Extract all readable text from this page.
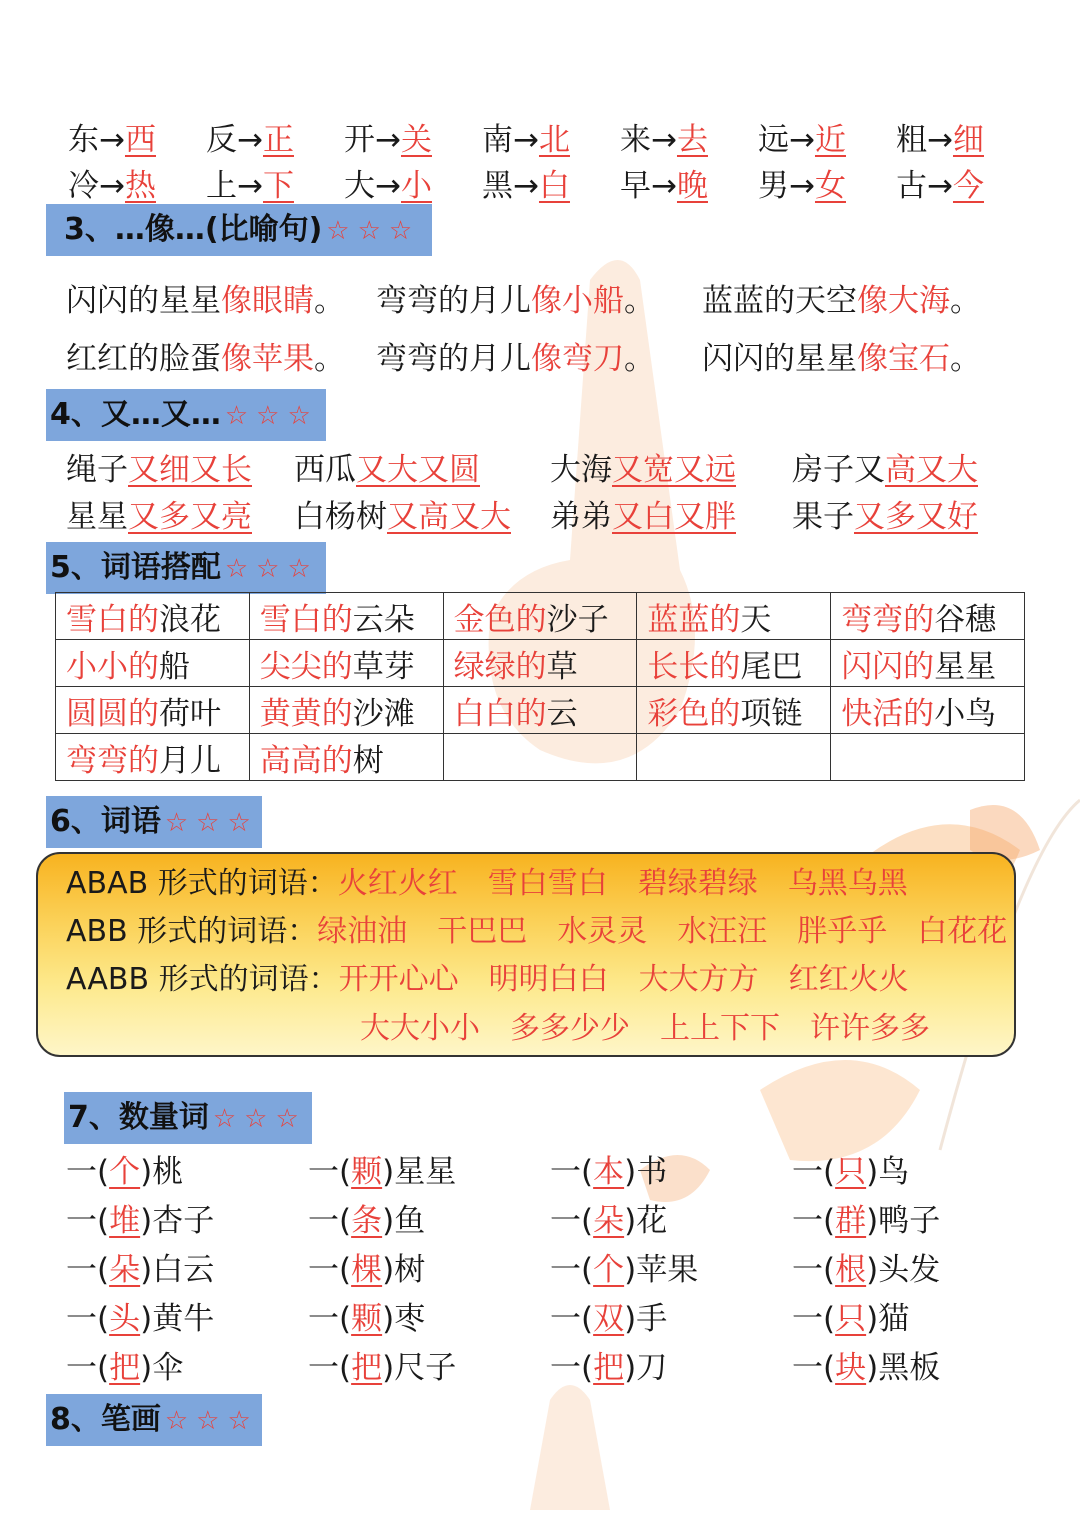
东→西 反→正 开→关 南→北 来→去 远→近 粗→细
冷→热 上→下 大→小 黑→白 早→晚 男→女 古→今
3、…像…(比喻句) ☆☆☆
闪闪的星星像眼睛。 弯弯的月儿像小船。 蓝蓝的天空像大海。
红红的脸蛋像苹果。 弯弯的月儿像弯刀。 闪闪的星星像宝石。
4、又…又… ☆☆☆
绳子又细又长 西瓜又大又圆 大海又宽又远 房子又高又大
星星又多又亮 白杨树又高又大 弟弟又白又胖 果子又多又好
5、词语搭配 ☆☆☆
雪白的浪花	雪白的云朵	金色的沙子	蓝蓝的天	弯弯的谷穗
小小的船	尖尖的草芽	绿绿的草	长长的尾巴	闪闪的星星
圆圆的荷叶	黄黄的沙滩	白白的云	彩色的项链	快活的小鸟
弯弯的月儿	高高的树			
6、词语 ☆☆☆
ABAB 形式的词语：火红火红　雪白雪白　碧绿碧绿　乌黑乌黑
ABB 形式的词语：绿油油　干巴巴　水灵灵　水汪汪　胖乎乎　白花花
AABB 形式的词语：开开心心　明明白白　大大方方　红红火火
大大小小　多多少少　上上下下　许许多多
7、数量词 ☆☆☆
一(个)桃	一(颗)星星	一(本)书	一(只)鸟
一(堆)杏子	一(条)鱼	一(朵)花	一(群)鸭子
一(朵)白云	一(棵)树	一(个)苹果	一(根)头发
一(头)黄牛	一(颗)枣	一(双)手	一(只)猫
一(把)伞	一(把)尺子	一(把)刀	一(块)黑板
8、笔画 ☆☆☆
